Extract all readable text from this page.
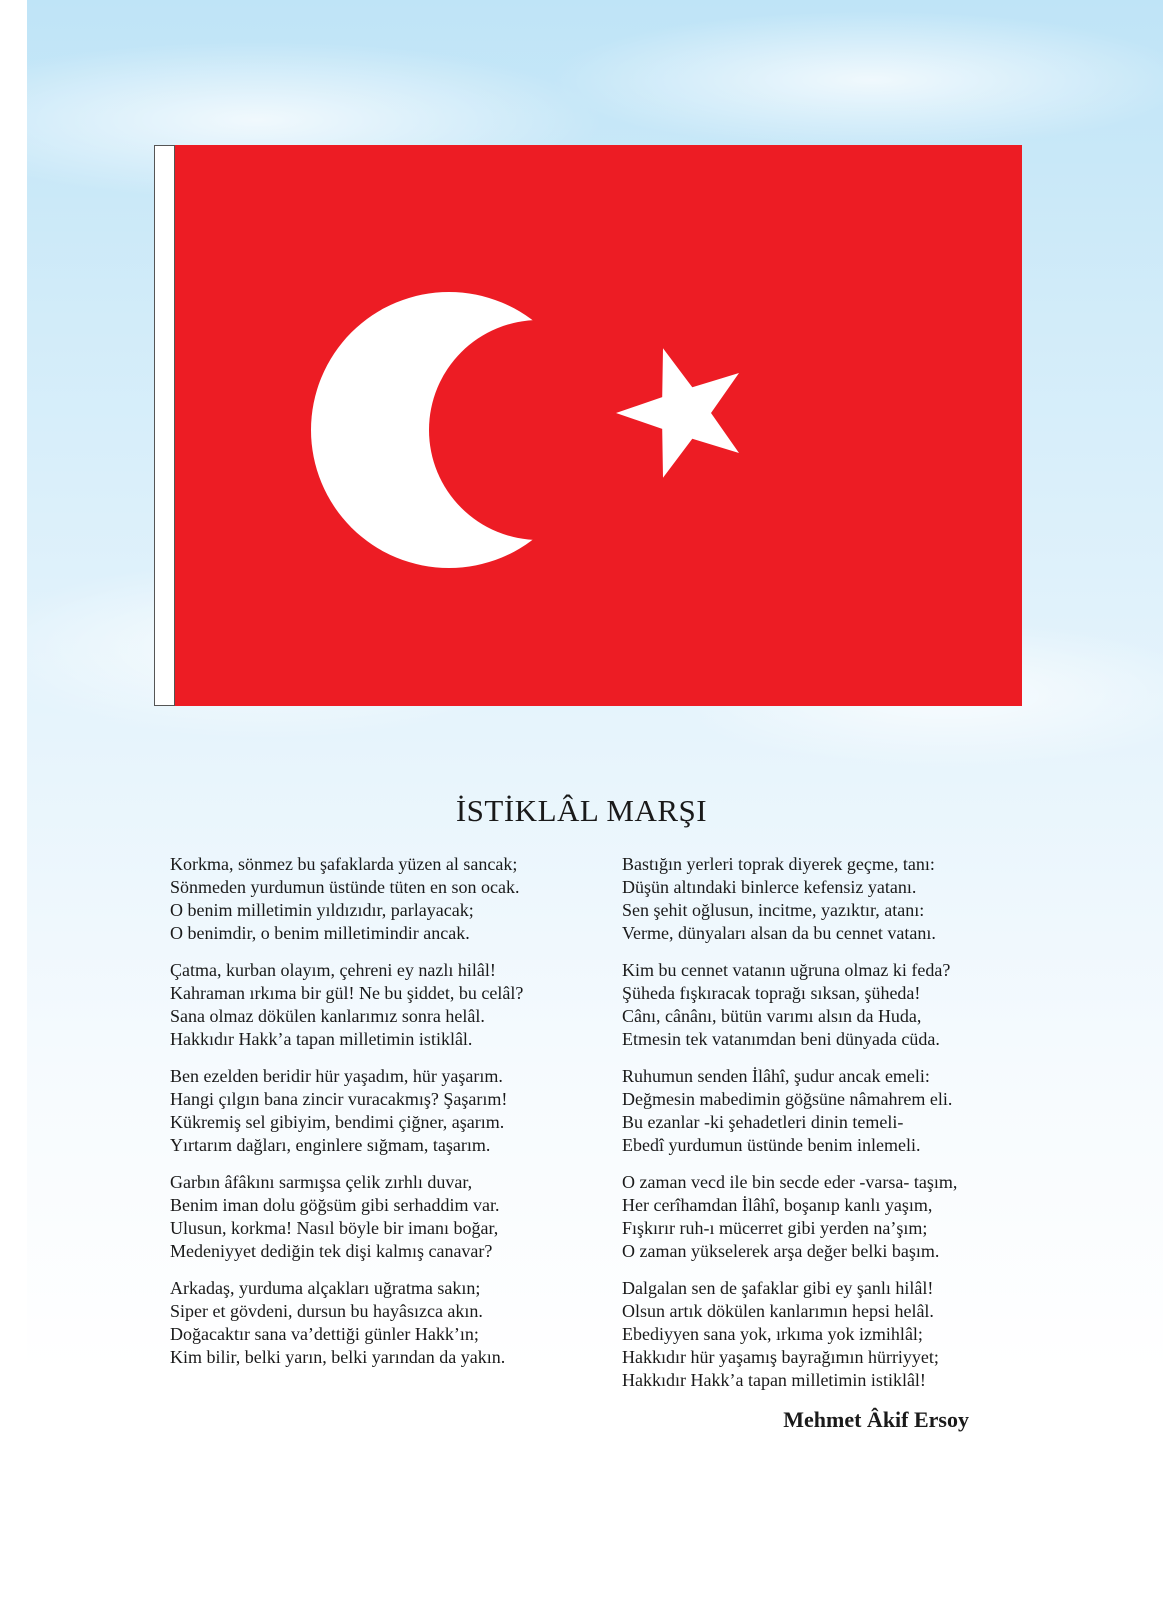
İSTİKLÂL MARŞI
Korkma, sönmez bu şafaklarda yüzen al sancak;
Sönmeden yurdumun üstünde tüten en son ocak.
O benim milletimin yıldızıdır, parlayacak;
O benimdir, o benim milletimindir ancak.
Çatma, kurban olayım, çehreni ey nazlı hilâl!
Kahraman ırkıma bir gül! Ne bu şiddet, bu celâl?
Sana olmaz dökülen kanlarımız sonra helâl.
Hakkıdır Hakk’a tapan milletimin istiklâl.
Ben ezelden beridir hür yaşadım, hür yaşarım.
Hangi çılgın bana zincir vuracakmış? Şaşarım!
Kükremiş sel gibiyim, bendimi çiğner, aşarım.
Yırtarım dağları, enginlere sığmam, taşarım.
Garbın âfâkını sarmışsa çelik zırhlı duvar,
Benim iman dolu göğsüm gibi serhaddim var.
Ulusun, korkma! Nasıl böyle bir imanı boğar,
Medeniyyet dediğin tek dişi kalmış canavar?
Arkadaş, yurduma alçakları uğratma sakın;
Siper et gövdeni, dursun bu hayâsızca akın.
Doğacaktır sana va’dettiği günler Hakk’ın;
Kim bilir, belki yarın, belki yarından da yakın.
Bastığın yerleri toprak diyerek geçme, tanı:
Düşün altındaki binlerce kefensiz yatanı.
Sen şehit oğlusun, incitme, yazıktır, atanı:
Verme, dünyaları alsan da bu cennet vatanı.
Kim bu cennet vatanın uğruna olmaz ki feda?
Şüheda fışkıracak toprağı sıksan, şüheda!
Cânı, cânânı, bütün varımı alsın da Huda,
Etmesin tek vatanımdan beni dünyada cüda.
Ruhumun senden İlâhî, şudur ancak emeli:
Değmesin mabedimin göğsüne nâmahrem eli.
Bu ezanlar -ki şehadetleri dinin temeli-
Ebedî yurdumun üstünde benim inlemeli.
O zaman vecd ile bin secde eder -varsa- taşım,
Her cerîhamdan İlâhî, boşanıp kanlı yaşım,
Fışkırır ruh-ı mücerret gibi yerden na’şım;
O zaman yükselerek arşa değer belki başım.
Dalgalan sen de şafaklar gibi ey şanlı hilâl!
Olsun artık dökülen kanlarımın hepsi helâl.
Ebediyyen sana yok, ırkıma yok izmihlâl;
Hakkıdır hür yaşamış bayrağımın hürriyyet;
Hakkıdır Hakk’a tapan milletimin istiklâl!
Mehmet Âkif Ersoy
